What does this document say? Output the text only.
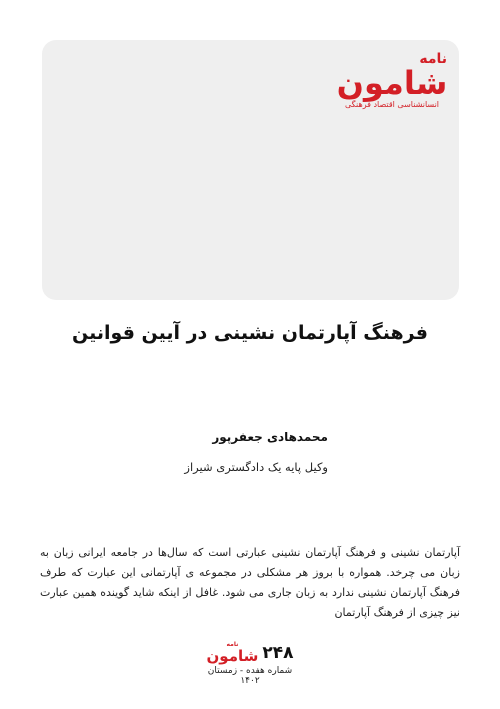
نامه
شامون
انسانشناسی اقتصاد فرهنگی
فرهنگ آپارتمان نشینی در آیین قوانین
محمدهادی جعفرپور
وکیل پایه یک دادگستری شیراز
آپارتمان نشینی و فرهنگ آپارتمان نشینی عبارتی است که سال‌ها در جامعه ایرانی زبان به زبان می چرخد. همواره با بروز هر مشکلی در مجموعه ی آپارتمانی این عبارت که طرف فرهنگ آپارتمان نشینی ندارد به زبان جاری می شود. غافل از اینکه شاید گوینده همین عبارت نیز چیزی از فرهنگ آپارتمان
نامه
شامون ۲۴۸
شماره هفده - زمستان ۱۴۰۲
